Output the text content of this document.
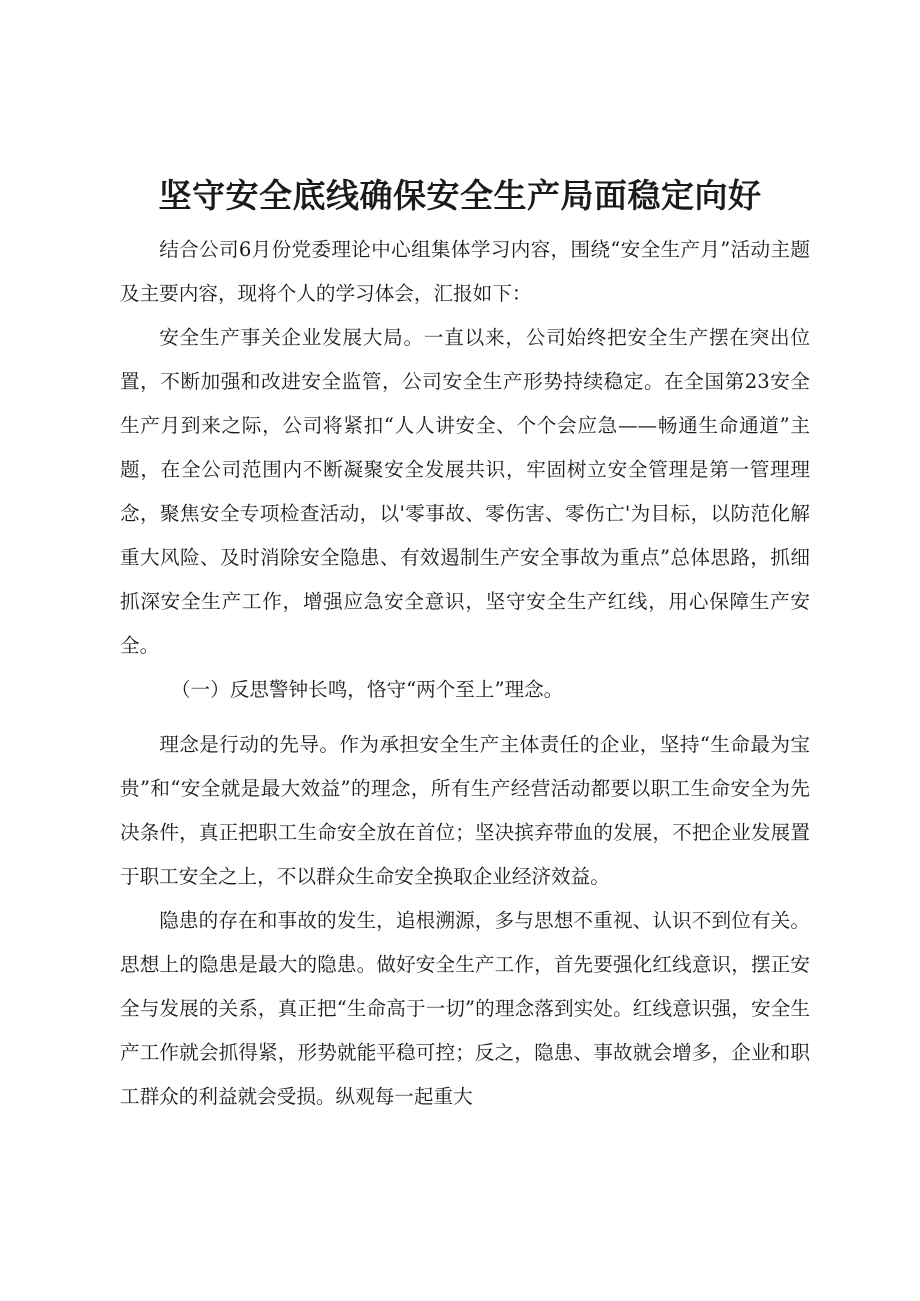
坚守安全底线确保安全生产局面稳定向好

结合公司6月份党委理论中心组集体学习内容，围绕“安全生产月”活动主题及主要内容，现将个人的学习体会，汇报如下：

安全生产事关企业发展大局。一直以来，公司始终把安全生产摆在突出位置，不断加强和改进安全监管，公司安全生产形势持续稳定。在全国第23安全生产月到来之际，公司将紧扣“人人讲安全、个个会应急——畅通生命通道”主题，在全公司范围内不断凝聚安全发展共识，牢固树立安全管理是第一管理理念，聚焦安全专项检查活动，以'零事故、零伤害、零伤亡'为目标，以防范化解重大风险、及时消除安全隐患、有效遏制生产安全事故为重点”总体思路，抓细抓深安全生产工作，增强应急安全意识，坚守安全生产红线，用心保障生产安全。

（一）反思警钟长鸣，恪守“两个至上”理念。

理念是行动的先导。作为承担安全生产主体责任的企业，坚持“生命最为宝贵”和“安全就是最大效益”的理念，所有生产经营活动都要以职工生命安全为先决条件，真正把职工生命安全放在首位；坚决摈弃带血的发展，不把企业发展置于职工安全之上，不以群众生命安全换取企业经济效益。

隐患的存在和事故的发生，追根溯源，多与思想不重视、认识不到位有关。思想上的隐患是最大的隐患。做好安全生产工作，首先要强化红线意识，摆正安全与发展的关系，真正把“生命高于一切”的理念落到实处。红线意识强，安全生产工作就会抓得紧，形势就能平稳可控；反之，隐患、事故就会增多，企业和职工群众的利益就会受损。纵观每一起重大
